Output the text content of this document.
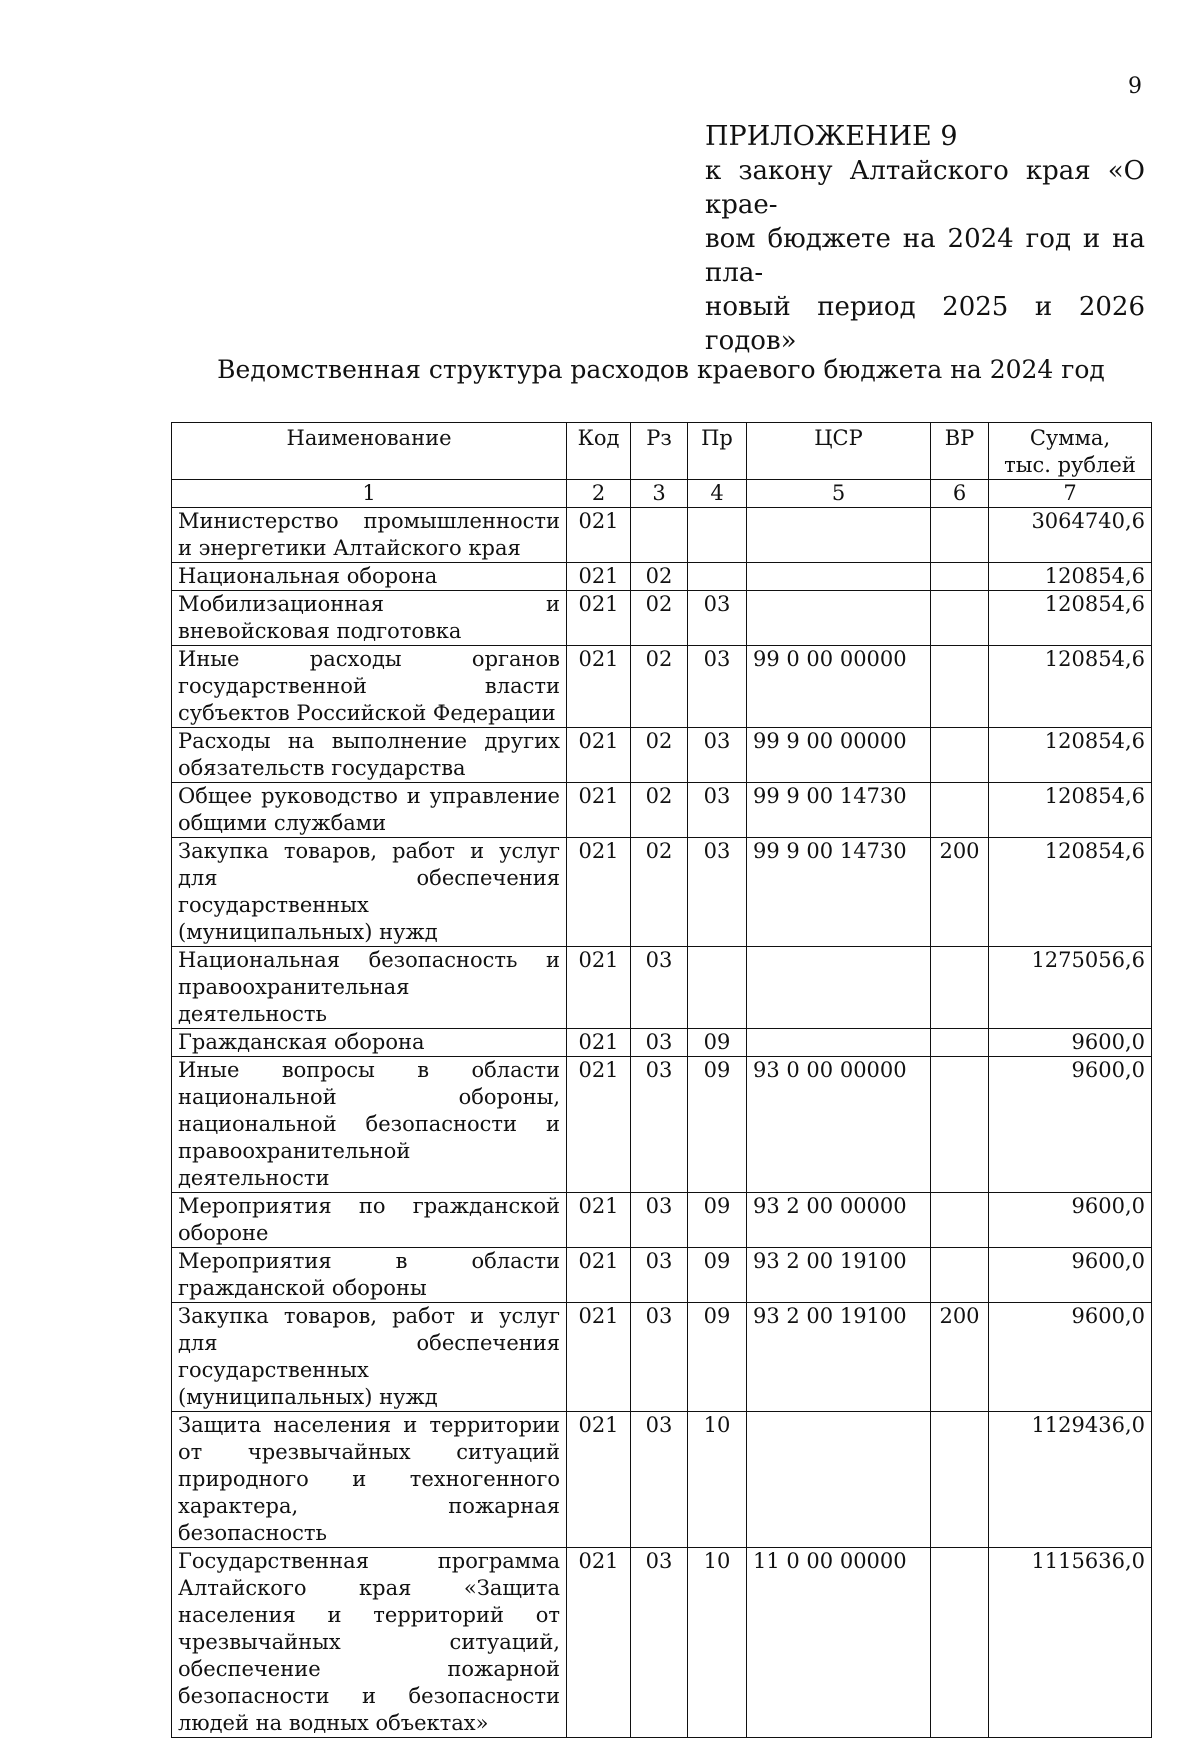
9
ПРИЛОЖЕНИЕ 9
к закону Алтайского края «О крае-
вом бюджете на 2024 год и на пла-
новый период 2025 и 2026 годов»
Ведомственная структура расходов краевого бюджета на 2024 год
Наименование	Код	Рз	Пр	ЦСР	ВР	Сумма,
тыс. рублей

1	2	3	4	5	6	7
Министерство промышленности и энергетики Алтайского края	021					3064740,6
Национальная оборона	021	02				120854,6
Мобилизационная и вневойсковая подготовка	021	02	03			120854,6
Иные расходы органов государственной власти субъектов Российской Федерации	021	02	03	99 0 00 00000		120854,6
Расходы на выполнение других обязательств государства	021	02	03	99 9 00 00000		120854,6
Общее руководство и управление общими службами	021	02	03	99 9 00 14730		120854,6
Закупка товаров, работ и услуг для обеспечения государственных (муниципальных) нужд	021	02	03	99 9 00 14730	200	120854,6
Национальная безопасность и правоохранительная деятельность	021	03				1275056,6
Гражданская оборона	021	03	09			9600,0
Иные вопросы в области национальной обороны, национальной безопасности и правоохранительной деятельности	021	03	09	93 0 00 00000		9600,0
Мероприятия по гражданской обороне	021	03	09	93 2 00 00000		9600,0
Мероприятия в области гражданской обороны	021	03	09	93 2 00 19100		9600,0
Закупка товаров, работ и услуг для обеспечения государственных (муниципальных) нужд	021	03	09	93 2 00 19100	200	9600,0
Защита населения и территории от чрезвычайных ситуаций природного и техногенного характера, пожарная безопасность	021	03	10			1129436,0
Государственная программа Алтайского края «Защита населения и территорий от чрезвычайных ситуаций, обеспечение пожарной безопасности и безопасности людей на водных объектах»	021	03	10	11 0 00 00000		1115636,0
